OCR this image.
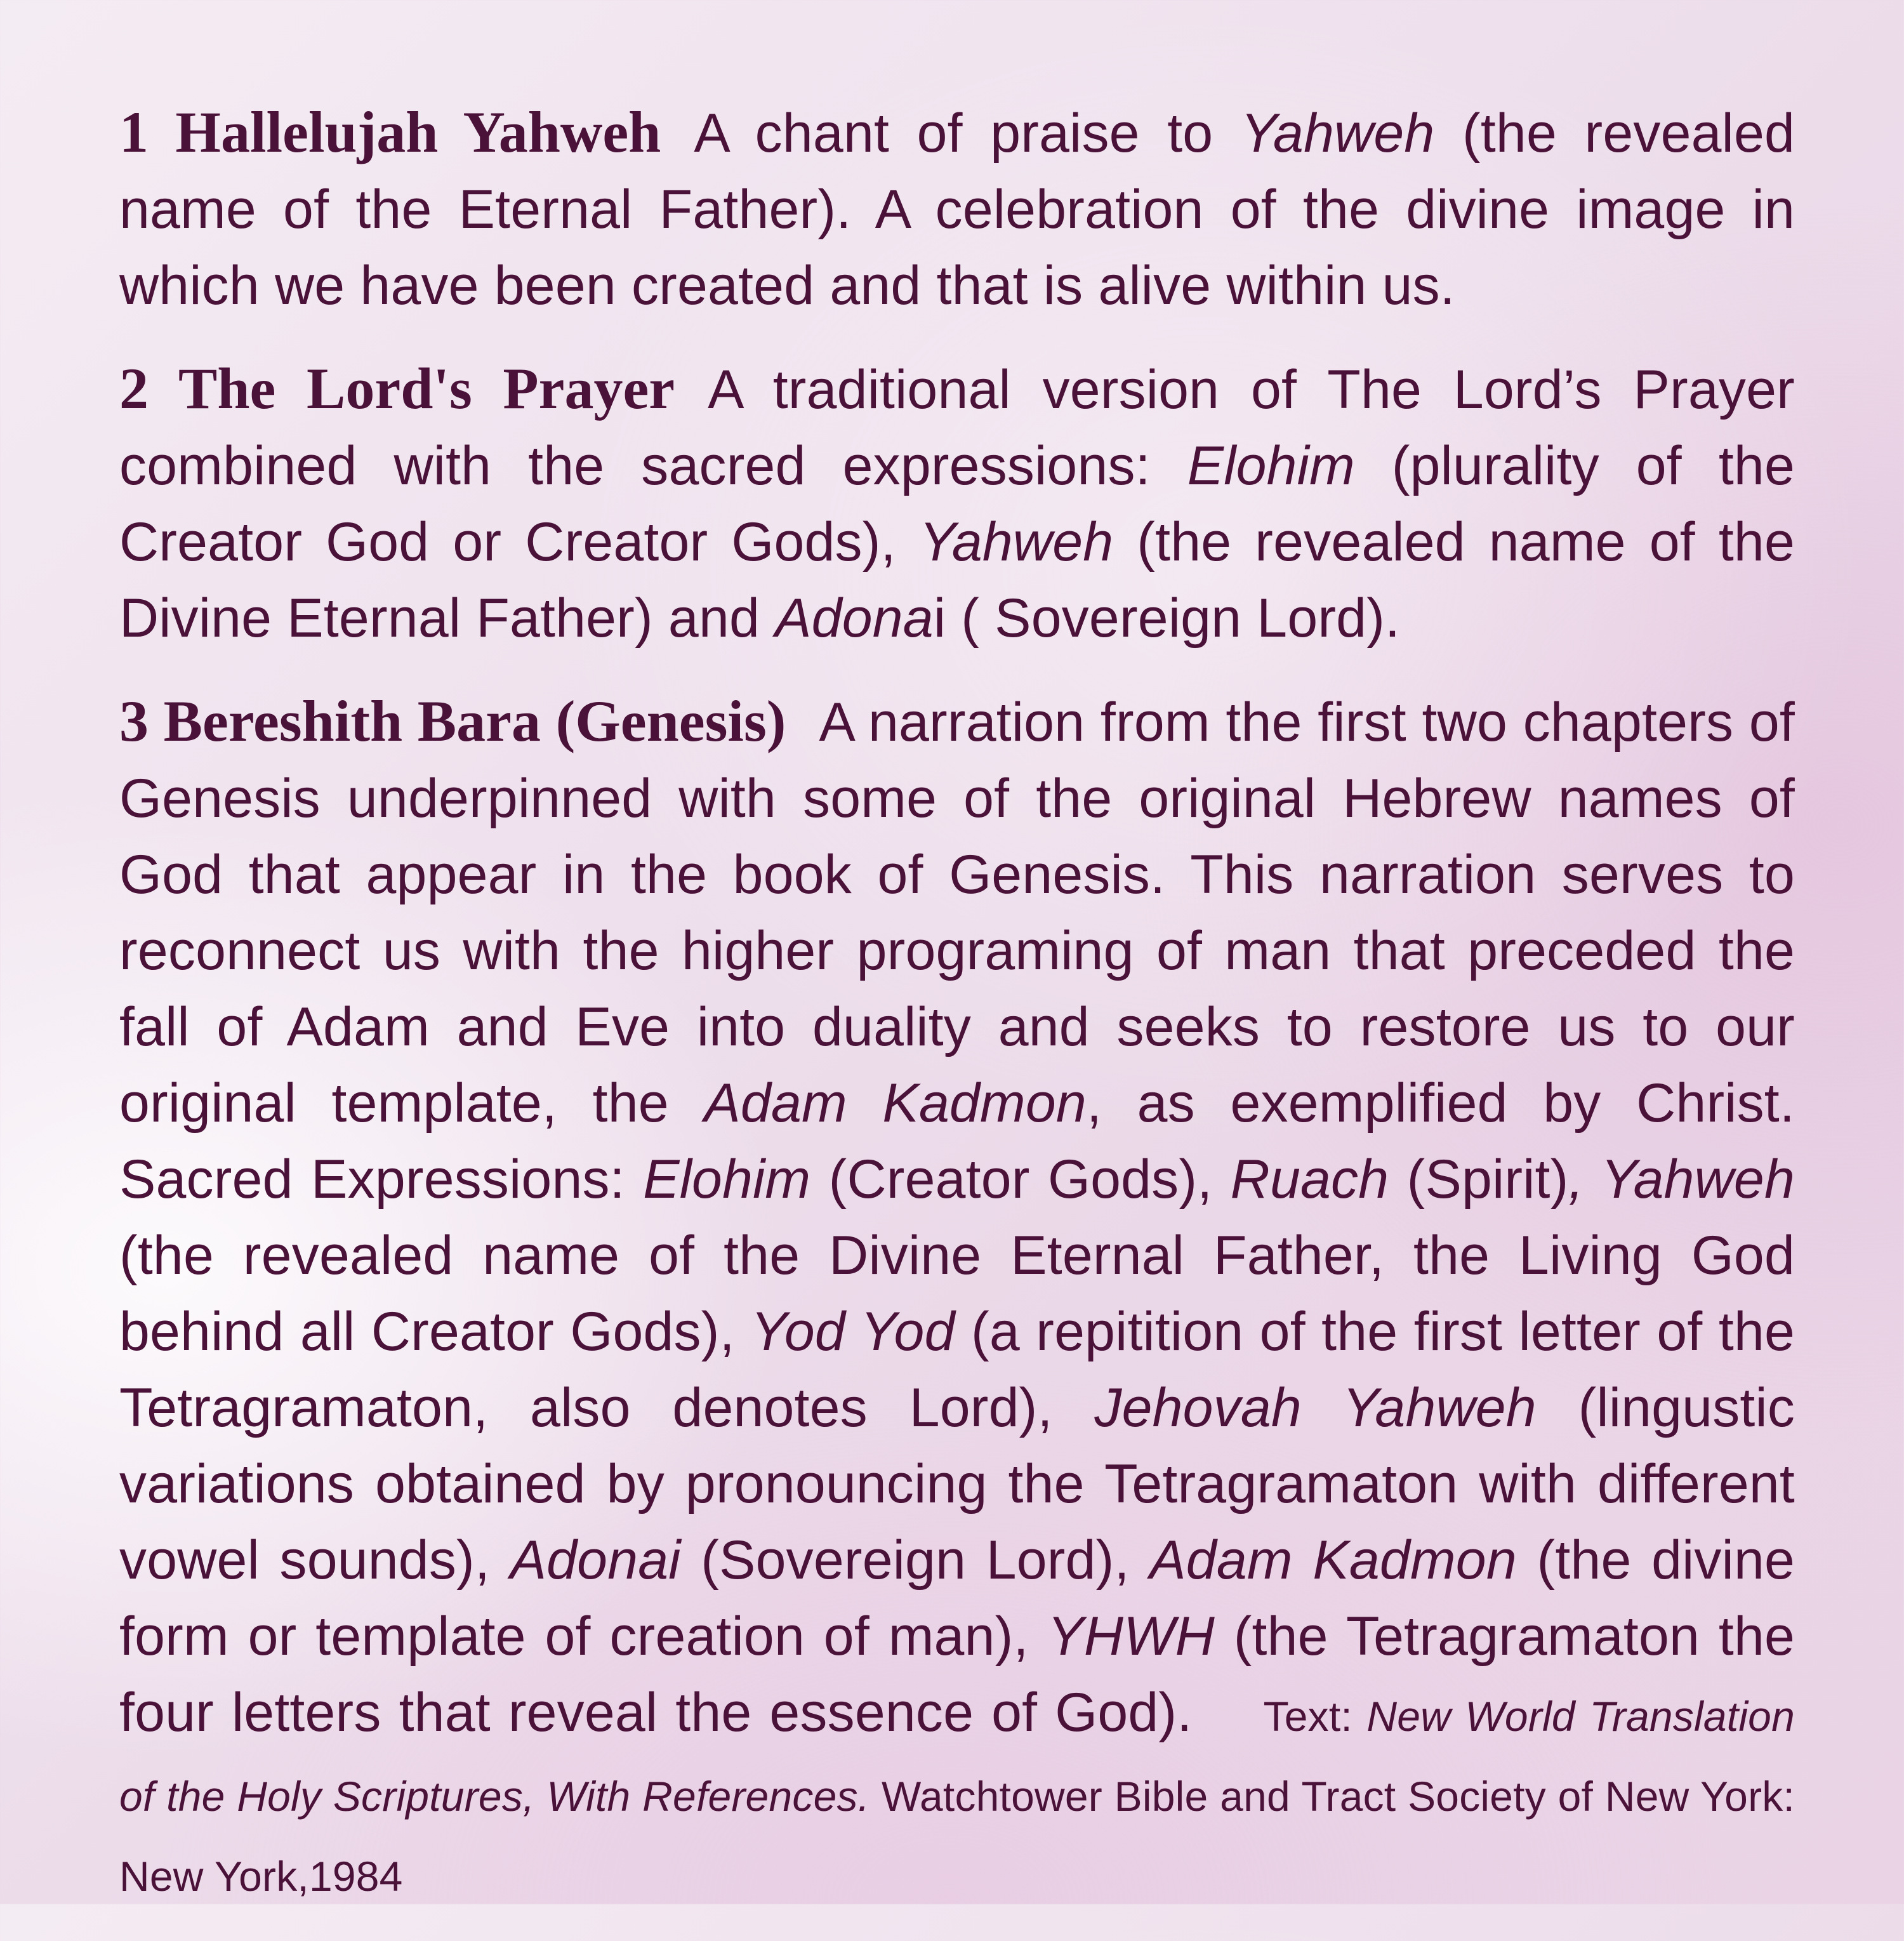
1 Hallelujah Yahweh A chant of praise to Yahweh (the revealed name of the Eternal Father). A celebration of the divine image in which we have been created and that is alive within us.

2 The Lord's Prayer A traditional version of The Lord’s Prayer combined with the sacred expressions: Elohim (plurality of the Creator God or Creator Gods), Yahweh (the revealed name of the Divine Eternal Father) and Adonai ( Sovereign Lord).

3 Bereshith Bara (Genesis) A narration from the first two chapters of Genesis underpinned with some of the original Hebrew names of God that appear in the book of Genesis. This narration serves to reconnect us with the higher programing of man that preceded the fall of Adam and Eve into duality and seeks to restore us to our original template, the Adam Kadmon, as exemplified by Christ. Sacred Expressions: Elohim (Creator Gods), Ruach (Spirit), Yahweh (the revealed name of the Divine Eternal Father, the Living God behind all Creator Gods), Yod Yod (a repitition of the first letter of the Tetragramaton, also denotes Lord), Jehovah Yahweh (lingustic variations obtained by pronouncing the Tetragramaton with different vowel sounds), Adonai (Sovereign Lord), Adam Kadmon (the divine form or template of creation of man), YHWH (the Tetragramaton the four letters that reveal the essence of God). Text: New World Translation of the Holy Scriptures, With References. Watchtower Bible and Tract Society of New York: New York,1984
